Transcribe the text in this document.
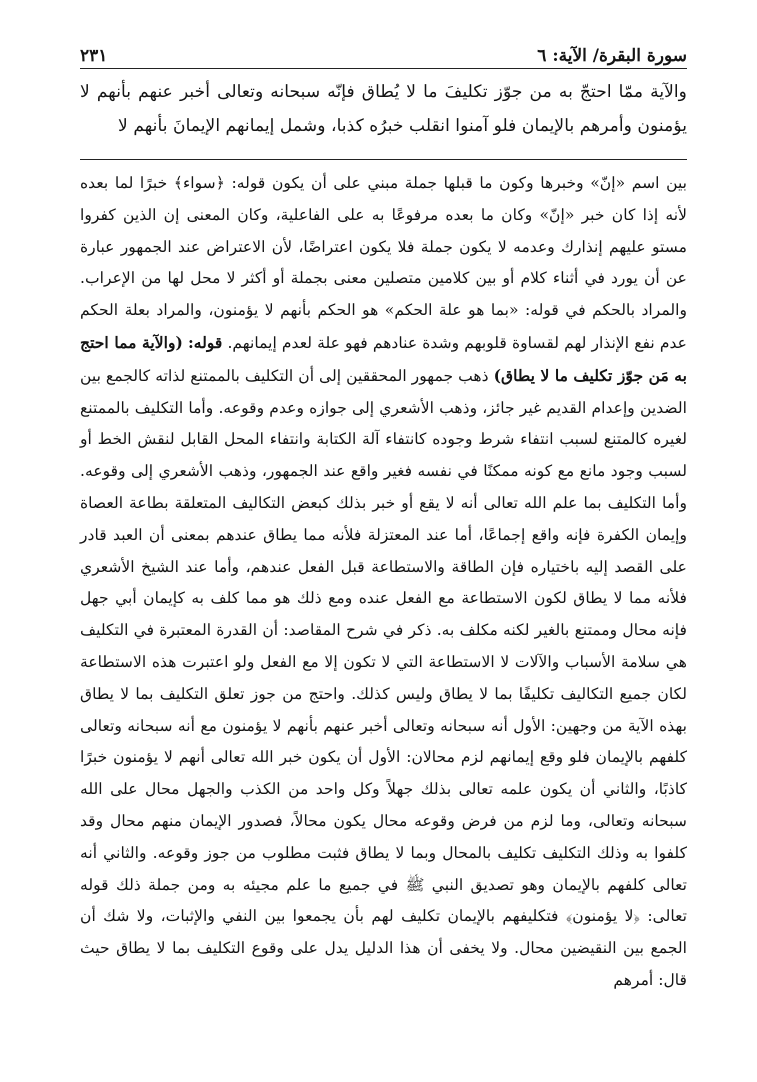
سورة البقرة/ الآية: ٦
٢٣١

والآية ممّا احتجّ به من جوّز تكليفَ ما لا يُطاق فإنّه سبحانه وتعالى أخبر عنهم بأنهم لا يؤمنون وأمرهم بالإيمان فلو آمنوا انقلب خبرُه كذبا، وشمل إيمانهم الإيمانَ بأنهم لا

بين اسم «إنّ» وخبرها وكون ما قبلها جملة مبني على أن يكون قوله: ﴿سواء﴾ خبرًا لما بعده لأنه إذا كان خبر «إنّ» وكان ما بعده مرفوعًا به على الفاعلية، وكان المعنى إن الذين كفروا مستو عليهم إنذارك وعدمه لا يكون جملة فلا يكون اعتراضًا، لأن الاعتراض عند الجمهور عبارة عن أن يورد في أثناء كلام أو بين كلامين متصلين معنى بجملة أو أكثر لا محل لها من الإعراب. والمراد بالحكم في قوله: «بما هو علة الحكم» هو الحكم بأنهم لا يؤمنون، والمراد بعلة الحكم عدم نفع الإنذار لهم لقساوة قلوبهم وشدة عنادهم فهو علة لعدم إيمانهم. قوله: (والآية مما احتج به مَن جوّز تكليف ما لا يطاق) ذهب جمهور المحققين إلى أن التكليف بالممتنع لذاته كالجمع بين الضدين وإعدام القديم غير جائز، وذهب الأشعري إلى جوازه وعدم وقوعه. وأما التكليف بالممتنع لغيره كالمتنع لسبب انتفاء شرط وجوده كانتفاء آلة الكتابة وانتفاء المحل القابل لنقش الخط أو لسبب وجود مانع مع كونه ممكنًا في نفسه فغير واقع عند الجمهور، وذهب الأشعري إلى وقوعه. وأما التكليف بما علم الله تعالى أنه لا يقع أو خبر بذلك كبعض التكاليف المتعلقة بطاعة العصاة وإيمان الكفرة فإنه واقع إجماعًا، أما عند المعتزلة فلأنه مما يطاق عندهم بمعنى أن العبد قادر على القصد إليه باختياره فإن الطاقة والاستطاعة قبل الفعل عندهم، وأما عند الشيخ الأشعري فلأنه مما لا يطاق لكون الاستطاعة مع الفعل عنده ومع ذلك هو مما كلف به كإيمان أبي جهل فإنه محال وممتنع بالغير لكنه مكلف به. ذكر في شرح المقاصد: أن القدرة المعتبرة في التكليف هي سلامة الأسباب والآلات لا الاستطاعة التي لا تكون إلا مع الفعل ولو اعتبرت هذه الاستطاعة لكان جميع التكاليف تكليفًا بما لا يطاق وليس كذلك. واحتج من جوز تعلق التكليف بما لا يطاق بهذه الآية من وجهين: الأول أنه سبحانه وتعالى أخبر عنهم بأنهم لا يؤمنون مع أنه سبحانه وتعالى كلفهم بالإيمان فلو وقع إيمانهم لزم محالان: الأول أن يكون خبر الله تعالى أنهم لا يؤمنون خبرًا كاذبًا، والثاني أن يكون علمه تعالى بذلك جهلاً وكل واحد من الكذب والجهل محال على الله سبحانه وتعالى، وما لزم من فرض وقوعه محال يكون محالاً، فصدور الإيمان منهم محال وقد كلفوا به وذلك التكليف تكليف بالمحال وبما لا يطاق فثبت مطلوب من جوز وقوعه. والثاني أنه تعالى كلفهم بالإيمان وهو تصديق النبي ﷺ في جميع ما علم مجيئه به ومن جملة ذلك قوله تعالى: ﴿لا يؤمنون﴾ فتكليفهم بالإيمان تكليف لهم بأن يجمعوا بين النفي والإثبات، ولا شك أن الجمع بين النقيضين محال. ولا يخفى أن هذا الدليل يدل على وقوع التكليف بما لا يطاق حيث قال: أمرهم
